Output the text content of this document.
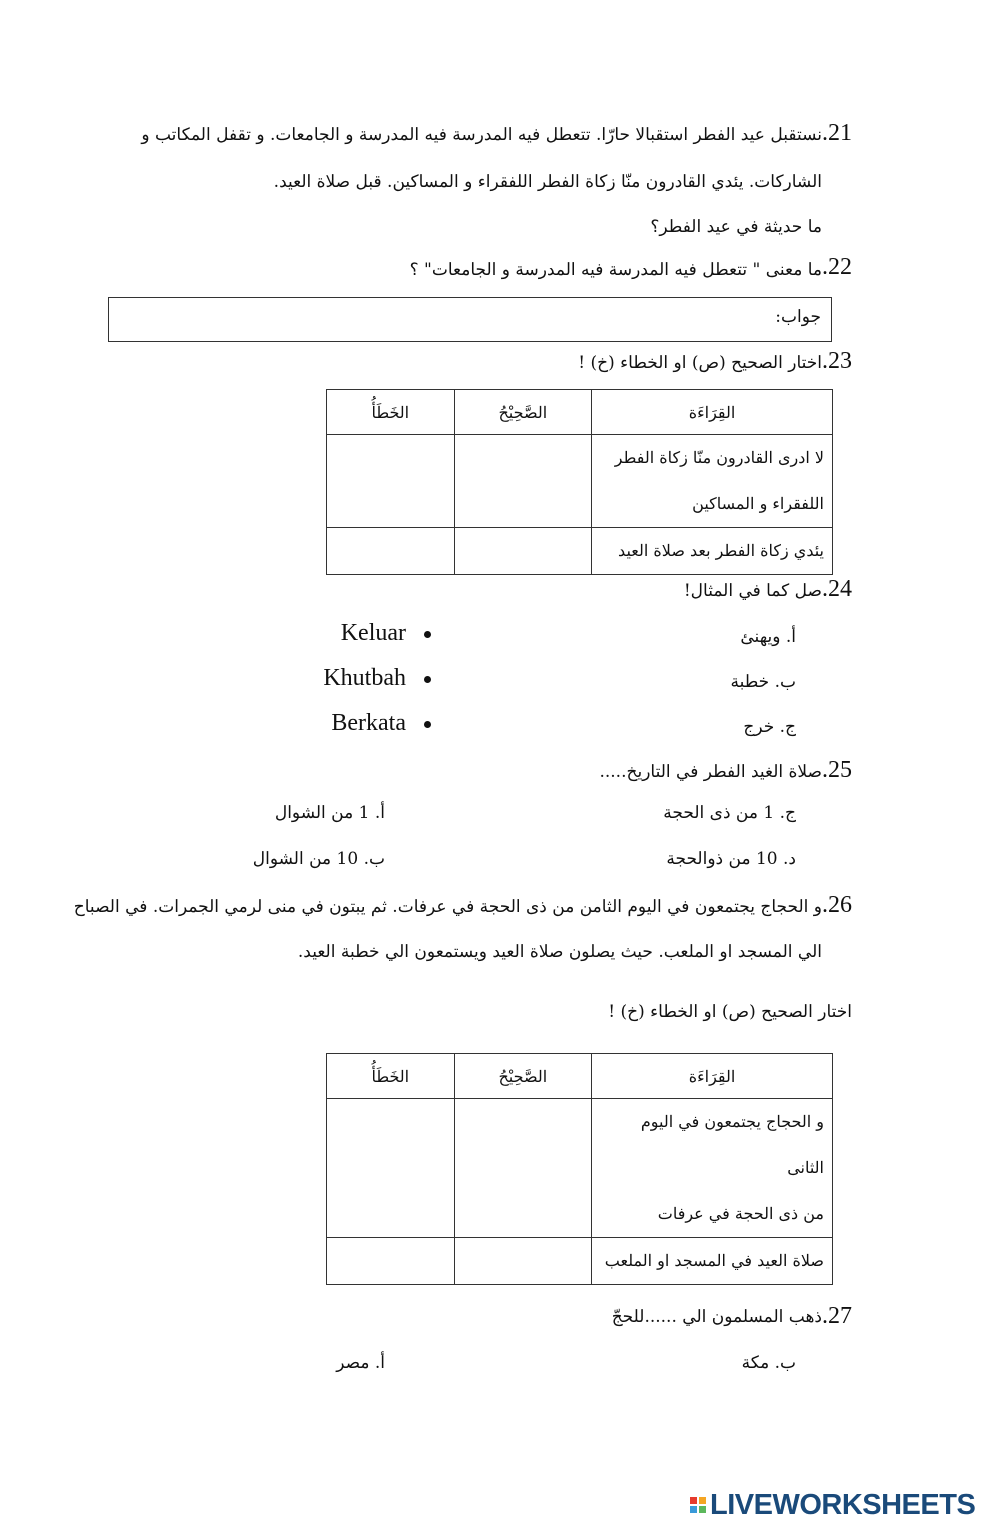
.21
نستقبل عيد الفطر استقبالا حارّا. تتعطل فيه المدرسة فيه المدرسة و الجامعات. و تقفل المكاتب و
الشاركات. يئدي القادرون منّا زكاة الفطر اللفقراء و المساكين. قبل صلاة العيد.
ما حديثة في عيد الفطر؟
.22
ما معنى " تتعطل فيه المدرسة فيه المدرسة و الجامعات" ؟
جواب:
.23
اختار الصحيح (ص) او الخطاء (خ) !
القِرَاءَة	الصَّحِيْحُ	الخَطَأُ

لا ادرى القادرون منّا زكاة الفطر
اللفقراء و المساكين		

يئدي زكاة الفطر بعد صلاة العيد		

.24
صل كما في المثال!
أ. ويهنئ
ب. خطبة
ج. خرج
Keluar
Khutbah
Berkata
.25
صلاة الغيد الفطر في التاريخ.....
ج. 1 من ذى الحجة
أ. 1 من الشوال
د. 10 من ذوالحجة
ب. 10 من الشوال
.26
و الحجاج يجتمعون في اليوم الثامن من ذى الحجة في عرفات. ثم يبتون في منى لرمي الجمرات. في الصباح
الي المسجد او الملعب. حيث يصلون صلاة العيد ويستمعون الي خطبة العيد.
اختار الصحيح (ص) او الخطاء (خ) !
القِرَاءَة	الصَّحِيْحُ	الخَطَأُ

و الحجاج يجتمعون في اليوم الثانى
من ذى الحجة في عرفات		

صلاة العيد في المسجد او الملعب		

.27
ذهب المسلمون الي ......للحجّ
ب. مكة
أ. مصر
LIVEWORKSHEETS
